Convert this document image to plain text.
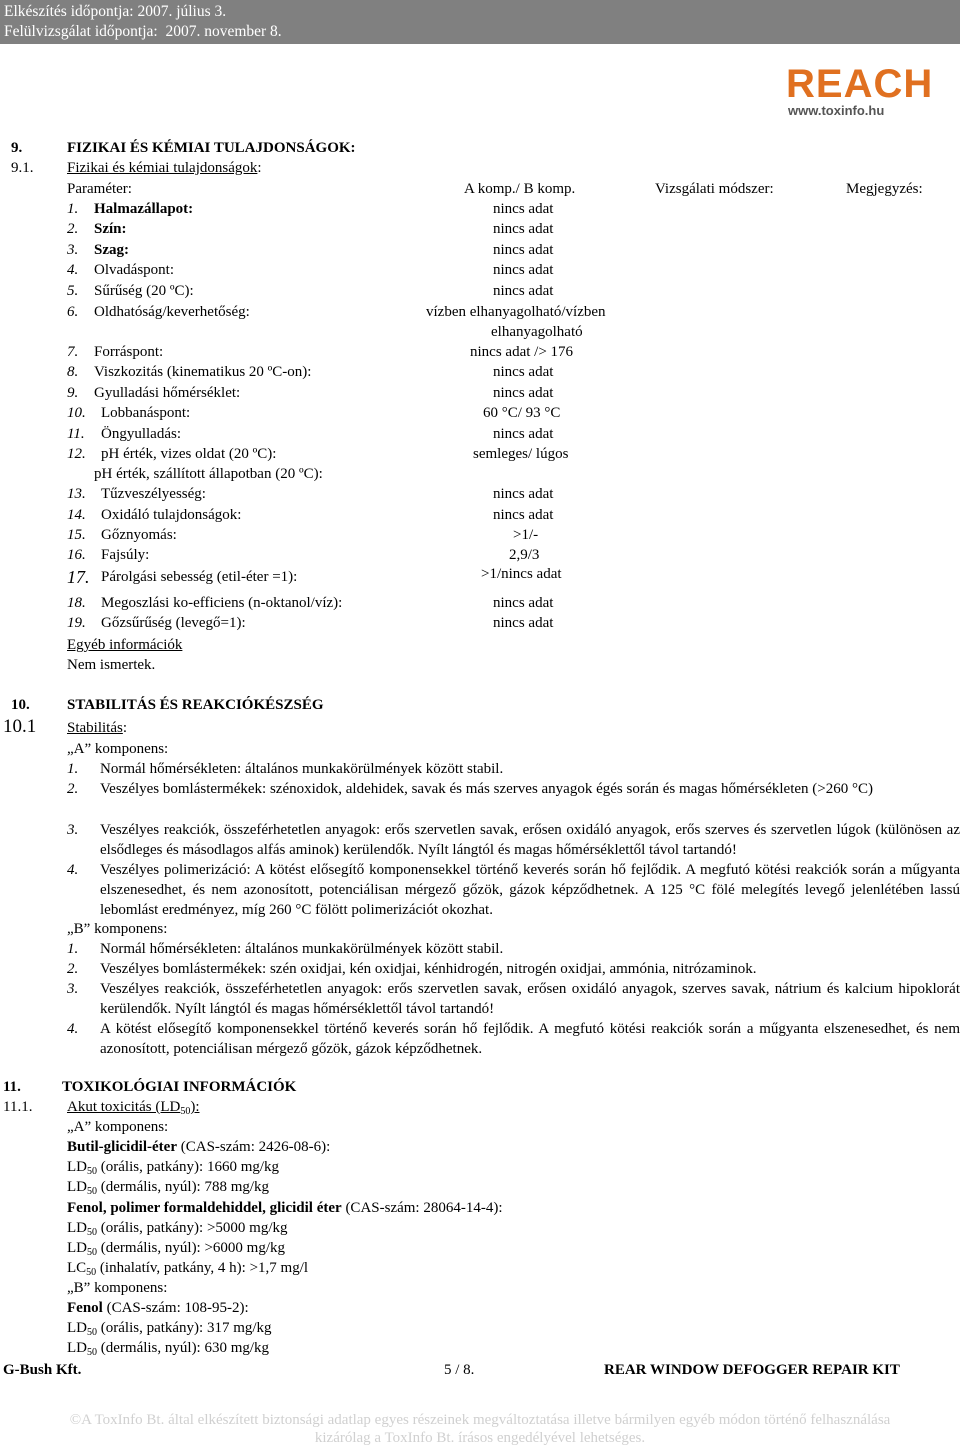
Elkészítés időpontja: 2007. július 3.
Felülvizsgálat időpontja: 2007. november 8.
REACH
www.toxinfo.hu
9.	FIZIKAI ÉS KÉMIAI TULAJDONSÁGOK:
9.1. Fizikai és kémiai tulajdonságok:
Paraméter:	A komp./ B komp.	Vizsgálati módszer:	Megjegyzés:
1. Halmazállapot:	nincs adat
2. Szín:	nincs adat
3. Szag:	nincs adat
4. Olvadáspont:	nincs adat
5. Sűrűség (20 ºC):	nincs adat
6. Oldhatóság/keverhetőség:	vízben elhanyagolható/vízben
elhanyagolható
7. Forráspont:	nincs adat /> 176
8. Viszkozitás (kinematikus 20 ºC-on):	nincs adat
9. Gyulladási hőmérséklet:	nincs adat
10. Lobbanáspont:	60 °C/ 93 °C
11. Öngyulladás:	nincs adat
12. pH érték, vizes oldat (20 ºC):	semleges/ lúgos
pH érték, szállított állapotban (20 ºC):
13. Tűzveszélyesség:	nincs adat
14. Oxidáló tulajdonságok:	nincs adat
15. Gőznyomás:	>1/-
16. Fajsúly:	2,9/3
17. Párolgási sebesség (etil-éter =1):	>1/nincs adat
18. Megoszlási ko-efficiens (n-oktanol/víz):	nincs adat
19. Gőzsűrűség (levegő=1):	nincs adat
Egyéb információk
Nem ismertek.
10. STABILITÁS ÉS REAKCIÓKÉSZSÉG
10.1 Stabilitás:
„A” komponens:
1. Normál hőmérsékleten: általános munkakörülmények között stabil.
2. Veszélyes bomlástermékek: szénoxidok, aldehidek, savak és más szerves anyagok égés során és magas hőmérsékleten (>260 °C)
3. Veszélyes reakciók, összeférhetetlen anyagok: erős szervetlen savak, erősen oxidáló anyagok, erős szerves és szervetlen lúgok (különösen az elsődleges és másodlagos alfás aminok) kerülendők. Nyílt lángtól és magas hőmérséklettől távol tartandó!
4. Veszélyes polimerizáció: A kötést elősegítő komponensekkel történő keverés során hő fejlődik. A megfutó kötési reakciók során a műgyanta elszenesedhet, és nem azonosított, potenciálisan mérgező gőzök, gázok képződhetnek. A 125 °C fölé melegítés levegő jelenlétében lassú lebomlást eredményez, míg 260 °C fölött polimerizációt okozhat.
„B” komponens:
1. Normál hőmérsékleten: általános munkakörülmények között stabil.
2. Veszélyes bomlástermékek: szén oxidjai, kén oxidjai, kénhidrogén, nitrogén oxidjai, ammónia, nitrózaminok.
3. Veszélyes reakciók, összeférhetetlen anyagok: erős szervetlen savak, erősen oxidáló anyagok, szerves savak, nátrium és kalcium hipoklorát kerülendők. Nyílt lángtól és magas hőmérséklettől távol tartandó!
4. A kötést elősegítő komponensekkel történő keverés során hő fejlődik. A megfutó kötési reakciók során a műgyanta elszenesedhet, és nem azonosított, potenciálisan mérgező gőzök, gázok képződhetnek.
11.	TOXIKOLÓGIAI INFORMÁCIÓK
11.1. Akut toxicitás $(LD_{50})$:
„A” komponens:
Butil-glicidil-éter (CAS-szám: 2426-08-6):
$LD_{50}$ (orális, patkány): 1660 mg/kg
$LD_{50}$ (dermális, nyúl): 788 mg/kg
Fenol, polimer formaldehiddel, glicidil éter (CAS-szám: 28064-14-4):
$LD_{50}$ (orális, patkány): >5000 mg/kg
$LD_{50}$ (dermális, nyúl): >6000 mg/kg
$LC_{50}$ (inhalatív, patkány, 4 h): >1,7 mg/l
„B” komponens:
Fenol (CAS-szám: 108-95-2):
$LD_{50}$ (orális, patkány): 317 mg/kg
$LD_{50}$ (dermális, nyúl): 630 mg/kg
G-Bush Kft.	5 / 8.	REAR WINDOW DEFOGGER REPAIR KIT
©A ToxInfo Bt. által elkészített biztonsági adatlap egyes részeinek megváltoztatása illetve bármilyen egyéb módon történő felhasználása
kizárólag a ToxInfo Bt. írásos engedélyével lehetséges.
